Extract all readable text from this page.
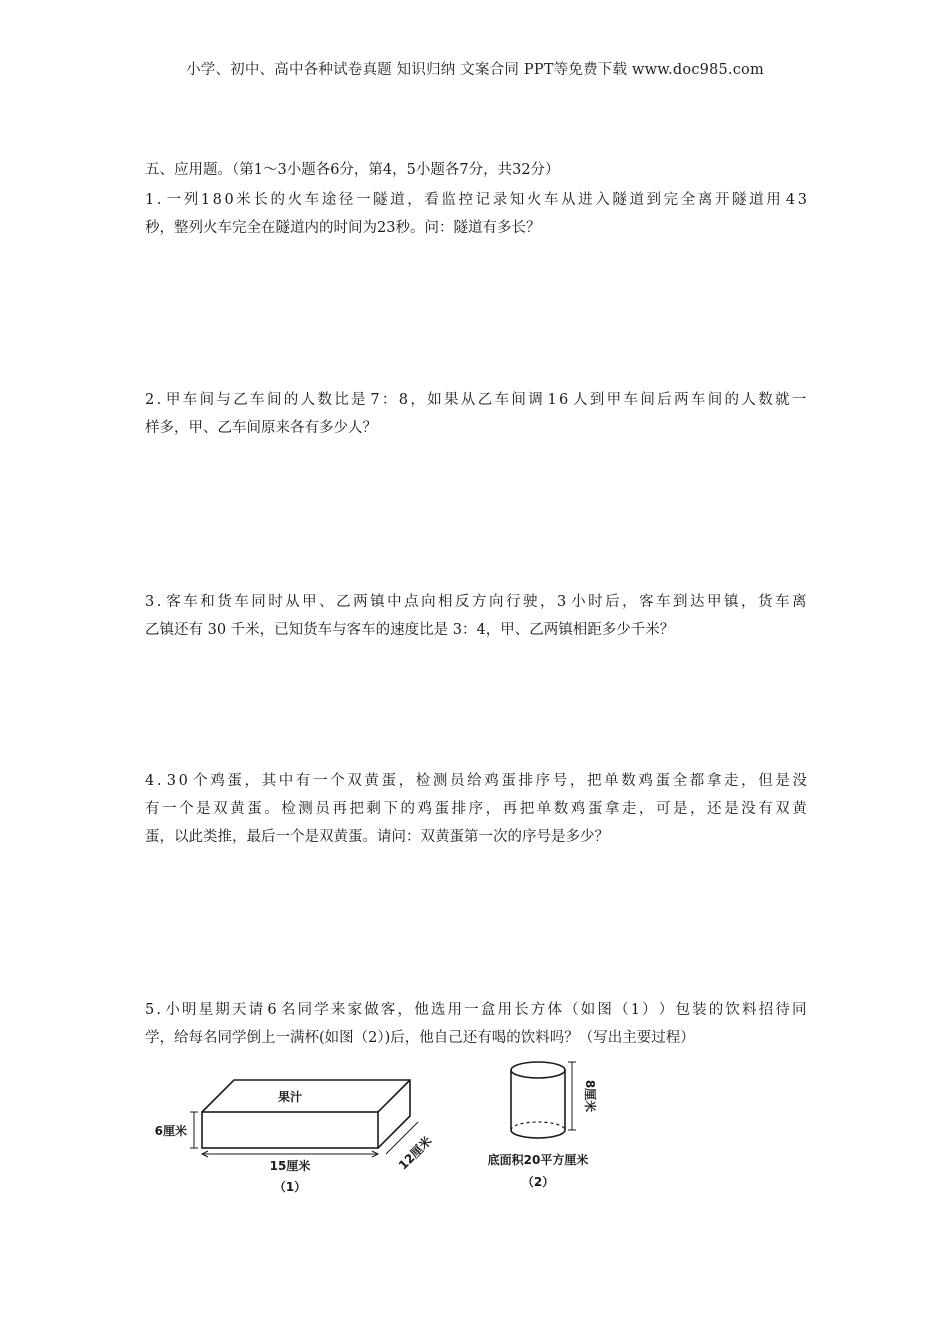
小学、初中、高中各种试卷真题 知识归纳 文案合同 PPT等免费下载 www.doc985.com
五、应用题。（第1～3小题各6分，第4，5小题各7分，共32分）
1 . 一 列 1 8 0 米 长 的 火 车 途 径 一 隧 道 ， 看 监 控 记 录 知 火 车 从 进 入 隧 道 到 完 全 离 开 隧 道 用 4 3
秒，整列火车完全在隧道内的时间为23秒。问：隧道有多长？
2 . 甲 车 间 与 乙 车 间 的 人 数 比 是 7 ： 8 ， 如 果 从 乙 车 间 调 1 6 人 到 甲 车 间 后 两 车 间 的 人 数 就 一
样多，甲、乙车间原来各有多少人？
3 . 客 车 和 货 车 同 时 从 甲 、 乙 两 镇 中 点 向 相 反 方 向 行 驶 ， 3 小 时 后 ， 客 车 到 达 甲 镇 ， 货 车 离
乙镇还有 30 千米，已知货车与客车的速度比是 3：4，甲、乙两镇相距多少千米？
4 . 3 0 个 鸡 蛋 ， 其 中 有 一 个 双 黄 蛋 ， 检 测 员 给 鸡 蛋 排 序 号 ， 把 单 数 鸡 蛋 全 都 拿 走 ， 但 是 没
有 一 个 是 双 黄 蛋 。 检 测 员 再 把 剩 下 的 鸡 蛋 排 序 ， 再 把 单 数 鸡 蛋 拿 走 ， 可 是 ， 还 是 没 有 双 黄
蛋，以此类推，最后一个是双黄蛋。请问：双黄蛋第一次的序号是多少？
5 . 小 明 星 期 天 请 6 名 同 学 来 家 做 客 ， 他 选 用 一 盒 用 长 方 体 （ 如 图 （ 1 ） ） 包 装 的 饮 料 招 待 同
学，给每名同学倒上一满杯(如图（2）)后，他自己还有喝的饮料吗？（写出主要过程）
果汁
6厘米
15厘米	12厘米
（1）
8厘米
底面积20平方厘米
（2）
